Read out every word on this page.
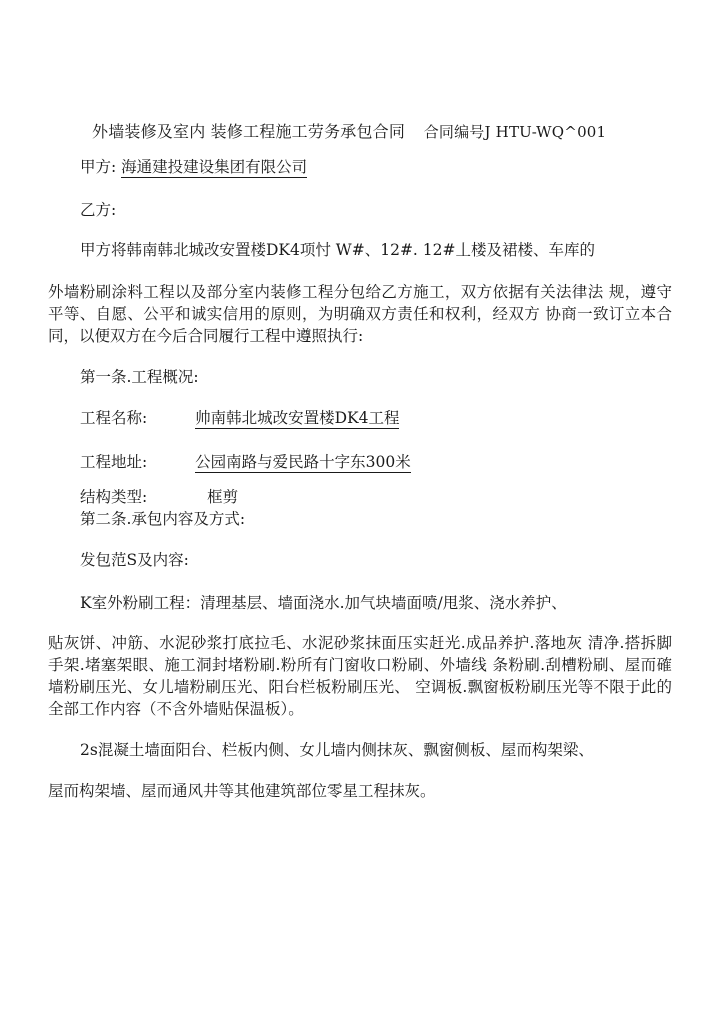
外墙装修及室内 装修工程施工劳务承包合同 合同编号J HTU-WQ^001
甲方: 海通建投建设集团有限公司
乙方:
甲方将韩南韩北城改安置楼DK4项忖 W#、12#. 12#丄楼及裙楼、车库的
外墙粉刷涂料工程以及部分室内装修工程分包给乙方施工，双方依据有关法律法 规，遵守平等、自愿、公平和诚实信用的原则，为明确双方责任和权利，经双方 协商一致订立本合同，以便双方在今后合同履行工程中遵照执行:
第一条.工程概况:
工程名称:	帅南韩北城改安置楼DK4工程
工程地址:	公园南路与爱民路十字东300米
结构类型:	框剪
第二条.承包内容及方式:
发包范S及内容:
K室外粉刷工程：清理基层、墙面浇水.加气块墙面喷/甩浆、浇水养护、
贴灰饼、冲筋、水泥砂浆打底拉毛、水泥砂浆抹面压实赶光.成品养护.落地灰 清净.搭拆脚手架.堵塞架眼、施工洞封堵粉刷.粉所有门窗收口粉刷、外墙线 条粉刷.刮槽粉刷、屋而確墙粉刷压光、女儿墙粉刷压光、阳台栏板粉刷压光、 空调板.飘窗板粉刷压光等不限于此的全部工作内容（不含外墙贴保温板）。
2s混凝土墙面阳台、栏板内侧、女儿墙内侧抹灰、飘窗侧板、屋而构架梁、
屋而构架墙、屋而通风井等其他建筑部位零星工程抹灰。
